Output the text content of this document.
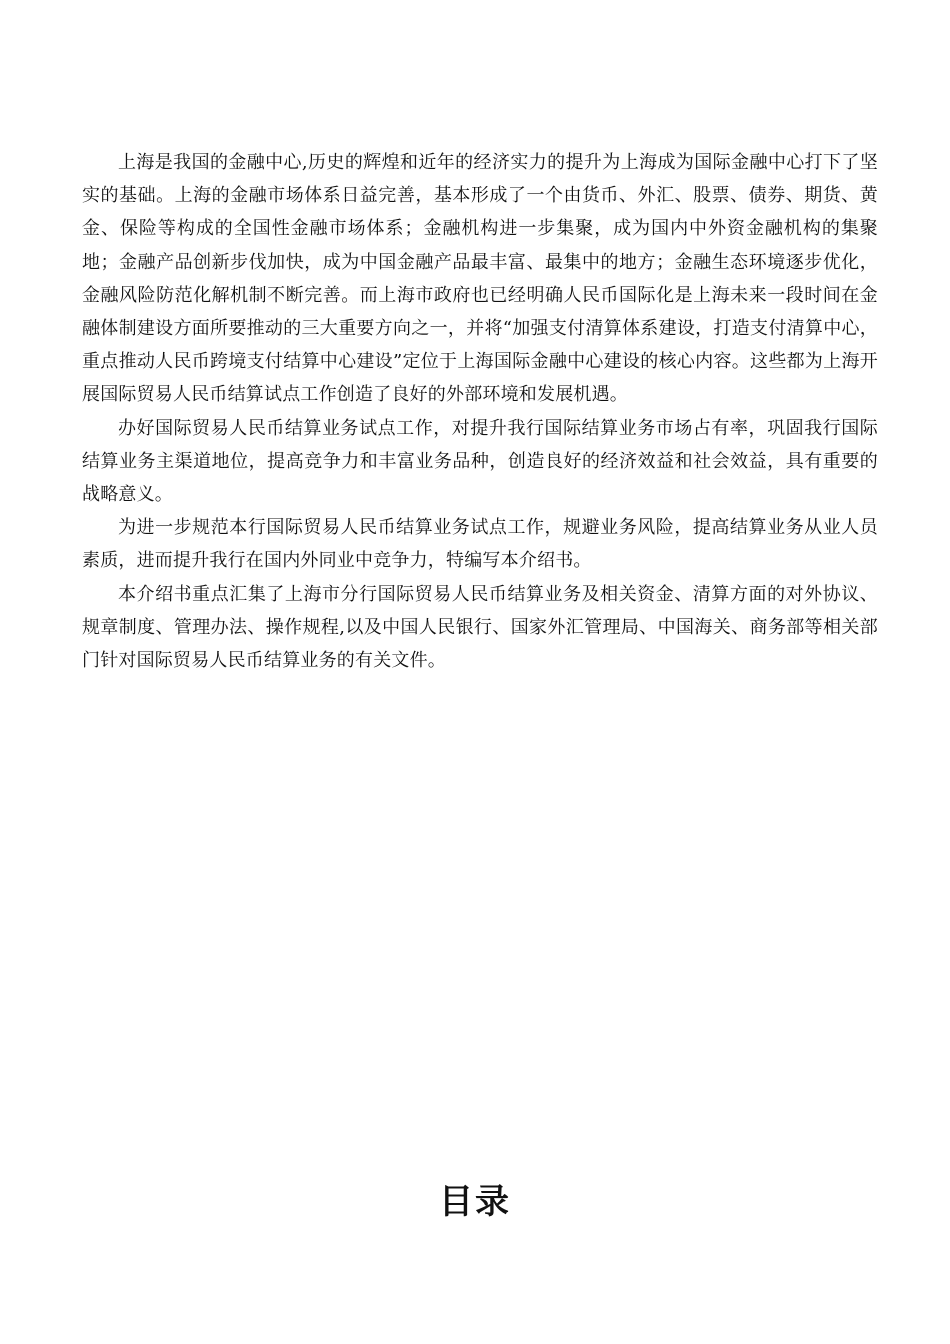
上海是我国的金融中心,历史的辉煌和近年的经济实力的提升为上海成为国际金融中心打下了坚实的基础。上海的金融市场体系日益完善，基本形成了一个由货币、外汇、股票、债券、期货、黄金、保险等构成的全国性金融市场体系；金融机构进一步集聚，成为国内中外资金融机构的集聚地；金融产品创新步伐加快，成为中国金融产品最丰富、最集中的地方；金融生态环境逐步优化，金融风险防范化解机制不断完善。而上海市政府也已经明确人民币国际化是上海未来一段时间在金融体制建设方面所要推动的三大重要方向之一，并将“加强支付清算体系建设，打造支付清算中心，重点推动人民币跨境支付结算中心建设”定位于上海国际金融中心建设的核心内容。这些都为上海开展国际贸易人民币结算试点工作创造了良好的外部环境和发展机遇。

办好国际贸易人民币结算业务试点工作，对提升我行国际结算业务市场占有率，巩固我行国际结算业务主渠道地位，提高竞争力和丰富业务品种，创造良好的经济效益和社会效益，具有重要的战略意义。

为进一步规范本行国际贸易人民币结算业务试点工作，规避业务风险，提高结算业务从业人员素质，进而提升我行在国内外同业中竞争力，特编写本介绍书。

本介绍书重点汇集了上海市分行国际贸易人民币结算业务及相关资金、清算方面的对外协议、规章制度、管理办法、操作规程,以及中国人民银行、国家外汇管理局、中国海关、商务部等相关部门针对国际贸易人民币结算业务的有关文件。

目录
